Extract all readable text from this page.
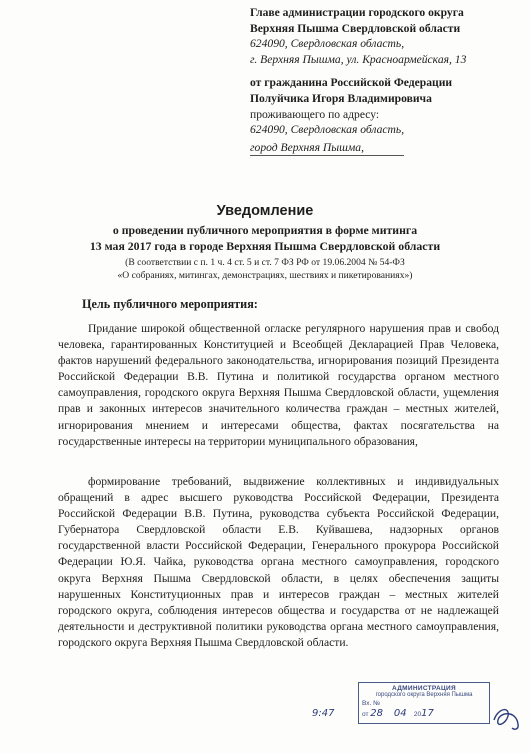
Главе администрации городского округа
Верхняя Пышма Свердловской области
624090, Свердловская область,
г. Верхняя Пышма, ул. Красноармейская, 13
от гражданина Российской Федерации
Полуйчика Игоря Владимировича
проживающего по адресу:
624090, Свердловская область,
город Верхняя Пышма,
Уведомление
о проведении публичного мероприятия в форме митинга
13 мая 2017 года в городе Верхняя Пышма Свердловской области
(В соответствии с п. 1 ч. 4 ст. 5 и ст. 7 ФЗ РФ от 19.06.2004 № 54-ФЗ
«О собраниях, митингах, демонстрациях, шествиях и пикетированиях»)
Цель публичного мероприятия:

Придание широкой общественной огласке регулярного нарушения прав и свобод человека, гарантированных Конституцией и Всеобщей Декларацией Прав Человека, фактов нарушений федерального законодательства, игнорирования позиций Президента Российской Федерации В.В. Путина и политикой государства органом местного самоуправления, городского округа Верхняя Пышма Свердловской области, ущемления прав и законных интересов значительного количества граждан – местных жителей, игнорирования мнением и интересами общества, фактах посягательства на государственные интересы на территории муниципального образования,

формирование требований, выдвижение коллективных и индивидуальных обращений в адрес высшего руководства Российской Федерации, Президента Российской Федерации В.В. Путина, руководства субъекта Российской Федерации, Губернатора Свердловской области Е.В. Куйвашева, надзорных органов государственной власти Российской Федерации, Генерального прокурора Российской Федерации Ю.Я. Чайка, руководства органа местного самоуправления, городского округа Верхняя Пышма Свердловской области, в целях обеспечения защиты нарушенных Конституционных прав и интересов граждан – местных жителей городского округа, соблюдения интересов общества и государства от не надлежащей деятельности и деструктивной политики руководства органа местного самоуправления, городского округа Верхняя Пышма Свердловской области.

9:47
АДМИНИСТРАЦИЯ
городского округа Верхняя Пышма
Вх. №
от 28 04 2017
